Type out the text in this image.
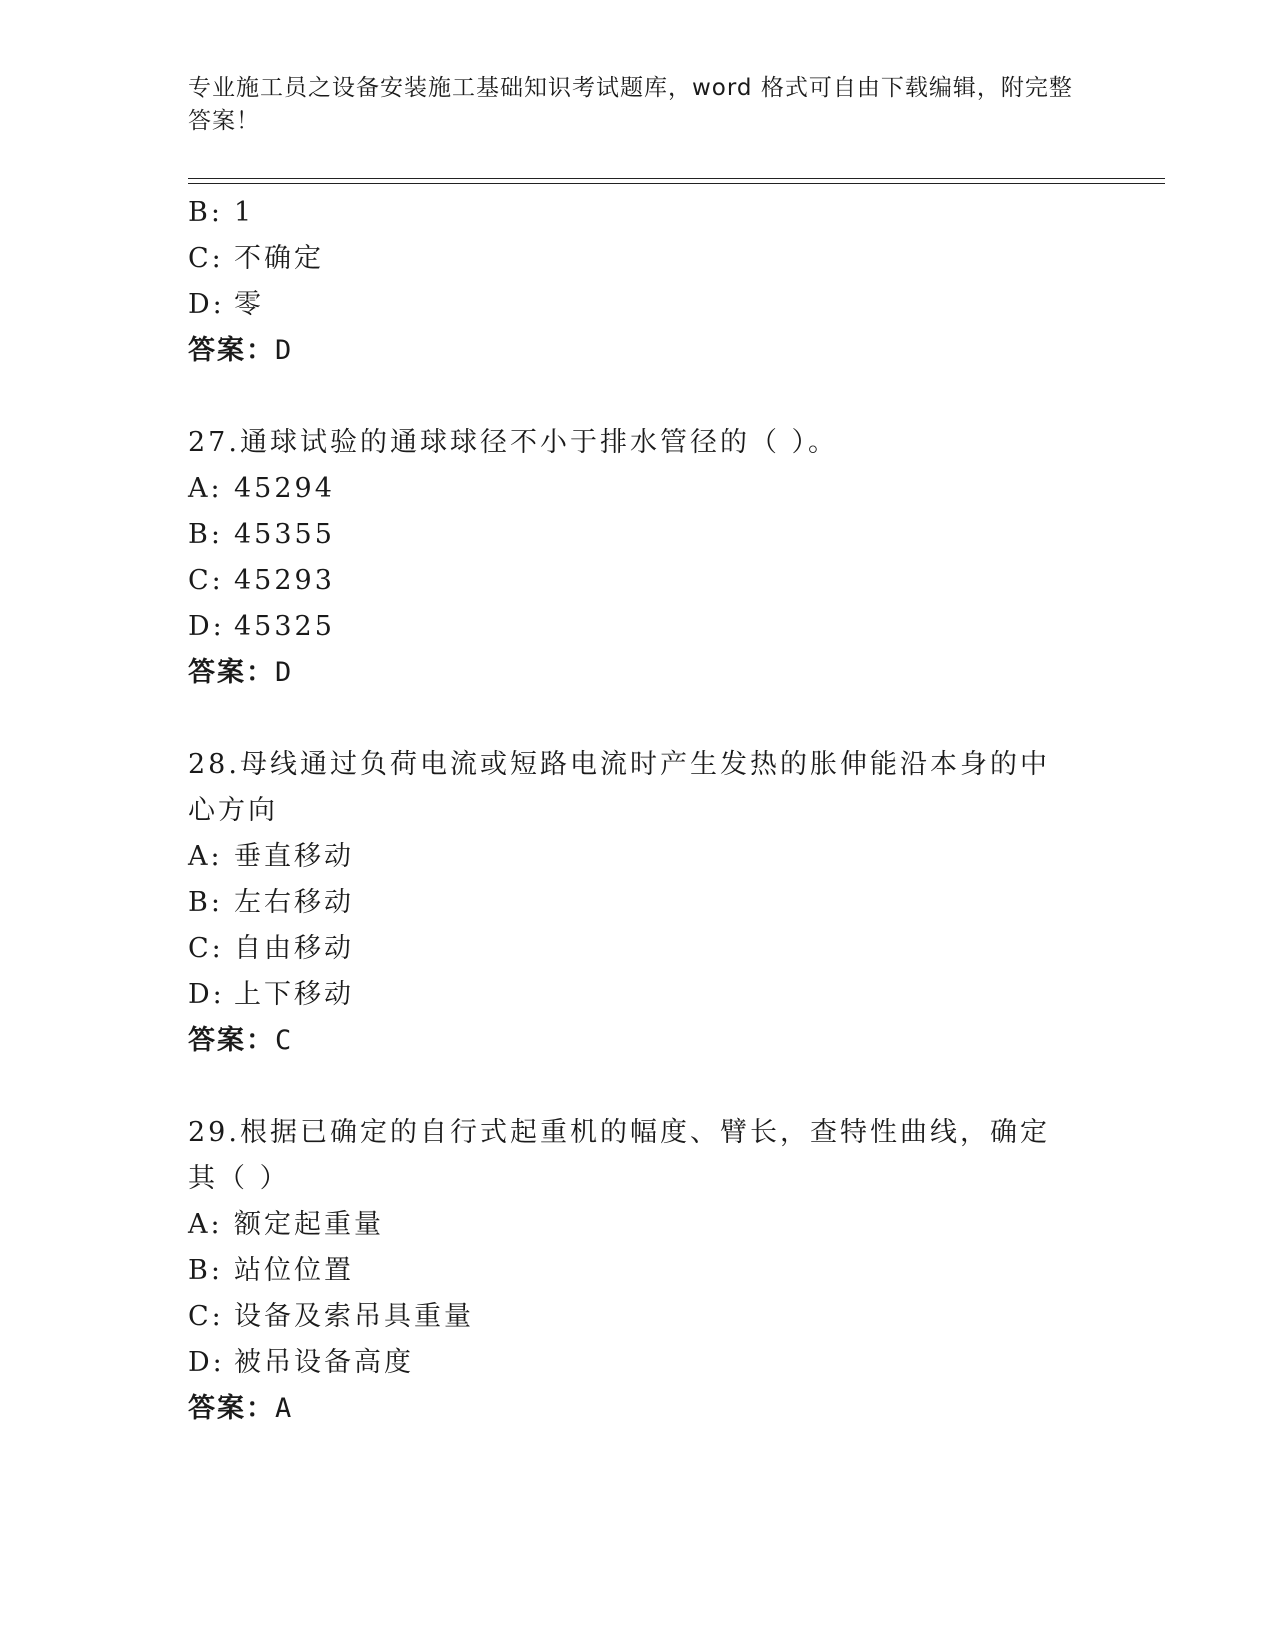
专业施工员之设备安装施工基础知识考试题库，word 格式可自由下载编辑，附完整答案！
B: 1
C: 不确定
D: 零
答案：D
27.通球试验的通球球径不小于排水管径的（ ）。
A: 45294
B: 45355
C: 45293
D: 45325
答案：D
28.母线通过负荷电流或短路电流时产生发热的胀伸能沿本身的中心方向
A: 垂直移动
B: 左右移动
C: 自由移动
D: 上下移动
答案：C
29.根据已确定的自行式起重机的幅度、臂长，查特性曲线，确定其（ ）
A: 额定起重量
B: 站位位置
C: 设备及索吊具重量
D: 被吊设备高度
答案：A
